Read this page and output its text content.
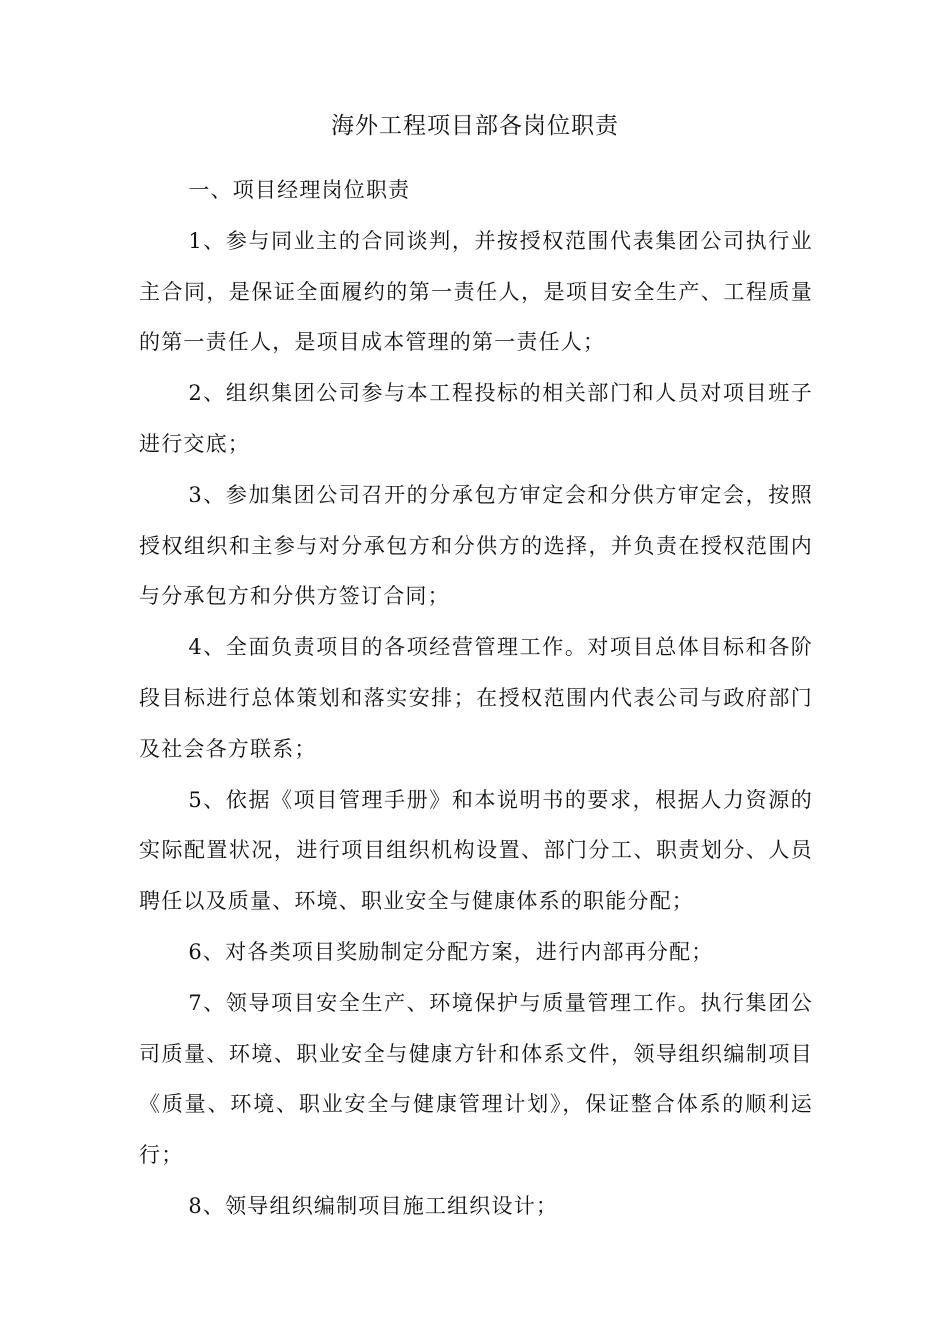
海外工程项目部各岗位职责

一、项目经理岗位职责

1、参与同业主的合同谈判，并按授权范围代表集团公司执行业主合同，是保证全面履约的第一责任人，是项目安全生产、工程质量的第一责任人，是项目成本管理的第一责任人；

2、组织集团公司参与本工程投标的相关部门和人员对项目班子进行交底；

3、参加集团公司召开的分承包方审定会和分供方审定会，按照授权组织和主参与对分承包方和分供方的选择，并负责在授权范围内与分承包方和分供方签订合同；

4、全面负责项目的各项经营管理工作。对项目总体目标和各阶段目标进行总体策划和落实安排；在授权范围内代表公司与政府部门及社会各方联系；

5、依据《项目管理手册》和本说明书的要求，根据人力资源的实际配置状况，进行项目组织机构设置、部门分工、职责划分、人员聘任以及质量、环境、职业安全与健康体系的职能分配；

6、对各类项目奖励制定分配方案，进行内部再分配；

7、领导项目安全生产、环境保护与质量管理工作。执行集团公司质量、环境、职业安全与健康方针和体系文件，领导组织编制项目《质量、环境、职业安全与健康管理计划》，保证整合体系的顺利运行；

8、领导组织编制项目施工组织设计；
